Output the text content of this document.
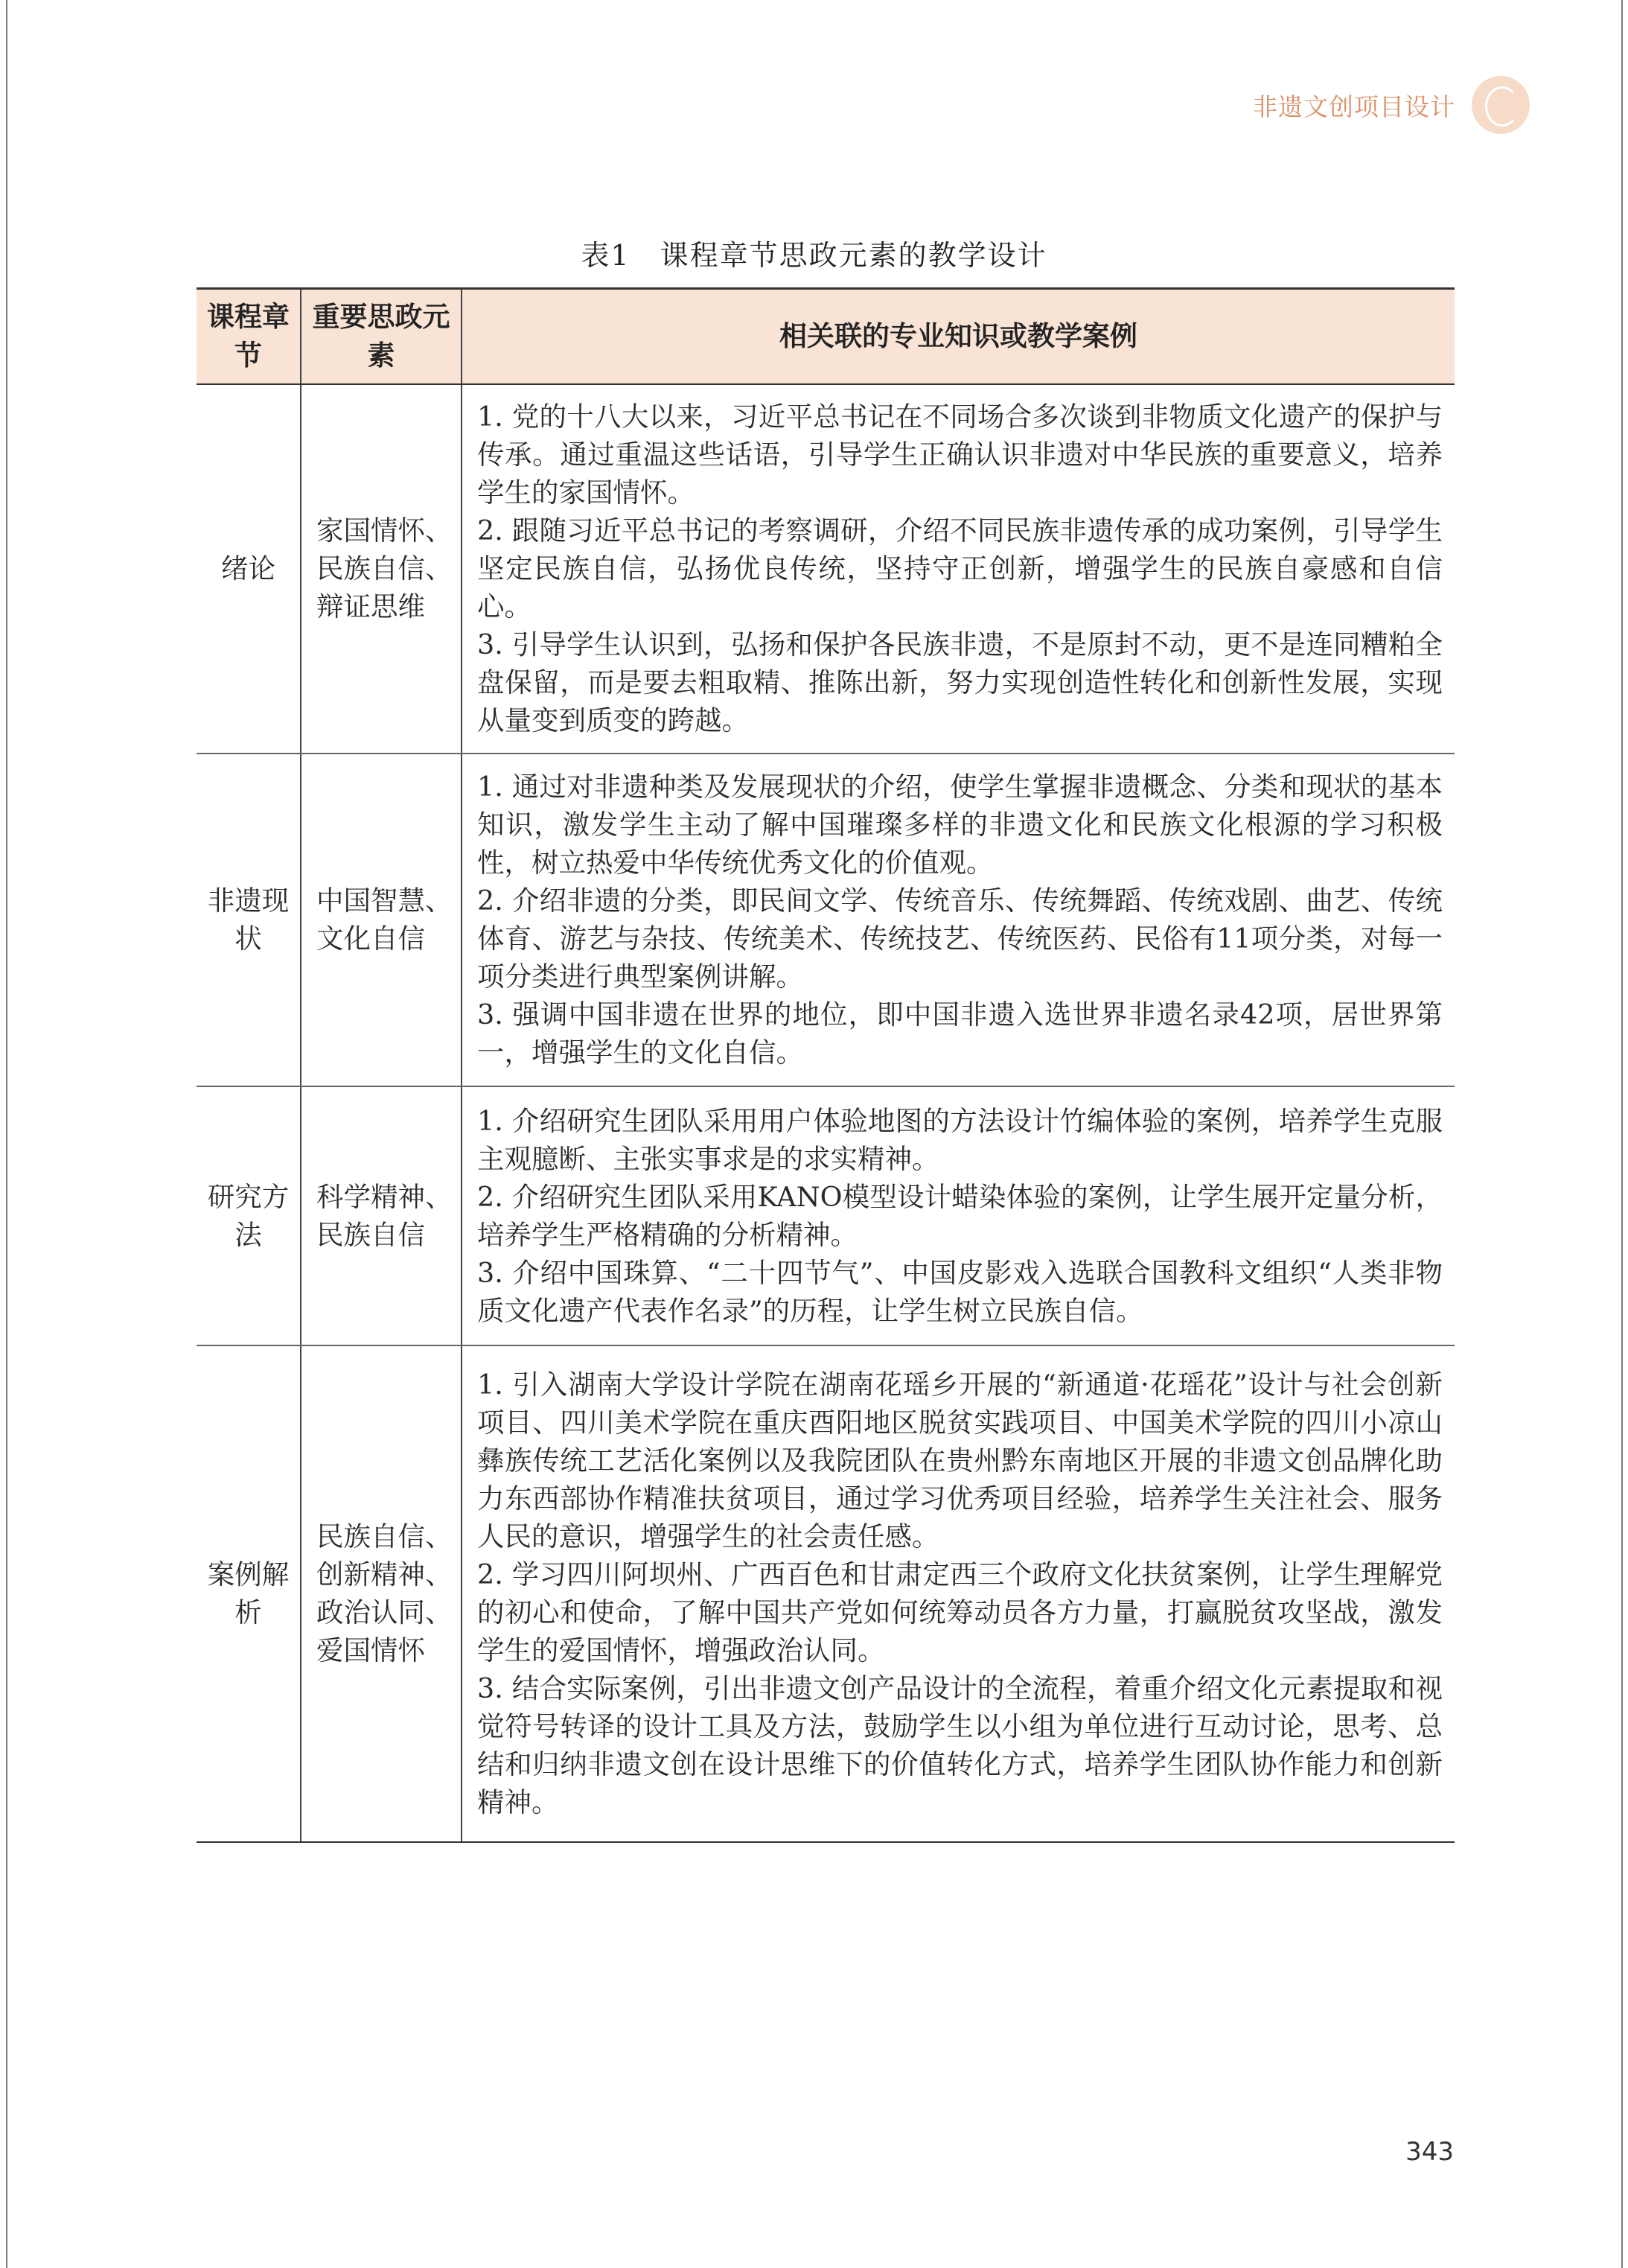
非遗文创项目设计
表1　课程章节思政元素的教学设计
课程章节	重要思政元素	相关联的专业知识或教学案例
绪论	家国情怀、民族自信、辩证思维	1. 党的十八大以来，习近平总书记在不同场合多次谈到非物质文化遗产的保护与传承。通过重温这些话语，引导学生正确认识非遗对中华民族的重要意义，培养学生的家国情怀。

2. 跟随习近平总书记的考察调研，介绍不同民族非遗传承的成功案例，引导学生坚定民族自信，弘扬优良传统，坚持守正创新，增强学生的民族自豪感和自信心。

3. 引导学生认识到，弘扬和保护各民族非遗，不是原封不动，更不是连同糟粕全盘保留，而是要去粗取精、推陈出新，努力实现创造性转化和创新性发展，实现从量变到质变的跨越。

非遗现状	中国智慧、文化自信	1. 通过对非遗种类及发展现状的介绍，使学生掌握非遗概念、分类和现状的基本知识，激发学生主动了解中国璀璨多样的非遗文化和民族文化根源的学习积极性，树立热爱中华传统优秀文化的价值观。

2. 介绍非遗的分类，即民间文学、传统音乐、传统舞蹈、传统戏剧、曲艺、传统体育、游艺与杂技、传统美术、传统技艺、传统医药、民俗有11项分类，对每一项分类进行典型案例讲解。

3. 强调中国非遗在世界的地位，即中国非遗入选世界非遗名录42项，居世界第一，增强学生的文化自信。

研究方法	科学精神、民族自信	1. 介绍研究生团队采用用户体验地图的方法设计竹编体验的案例，培养学生克服主观臆断、主张实事求是的求实精神。

2. 介绍研究生团队采用KANO模型设计蜡染体验的案例，让学生展开定量分析，培养学生严格精确的分析精神。

3. 介绍中国珠算、“二十四节气”、中国皮影戏入选联合国教科文组织“人类非物质文化遗产代表作名录”的历程，让学生树立民族自信。

案例解析	民族自信、创新精神、政治认同、爱国情怀	1. 引入湖南大学设计学院在湖南花瑶乡开展的“新通道·花瑶花”设计与社会创新项目、四川美术学院在重庆酉阳地区脱贫实践项目、中国美术学院的四川小凉山彝族传统工艺活化案例以及我院团队在贵州黔东南地区开展的非遗文创品牌化助力东西部协作精准扶贫项目，通过学习优秀项目经验，培养学生关注社会、服务人民的意识，增强学生的社会责任感。

2. 学习四川阿坝州、广西百色和甘肃定西三个政府文化扶贫案例，让学生理解党的初心和使命，了解中国共产党如何统筹动员各方力量，打赢脱贫攻坚战，激发学生的爱国情怀，增强政治认同。

3. 结合实际案例，引出非遗文创产品设计的全流程，着重介绍文化元素提取和视觉符号转译的设计工具及方法，鼓励学生以小组为单位进行互动讨论，思考、总结和归纳非遗文创在设计思维下的价值转化方式，培养学生团队协作能力和创新精神。

343
